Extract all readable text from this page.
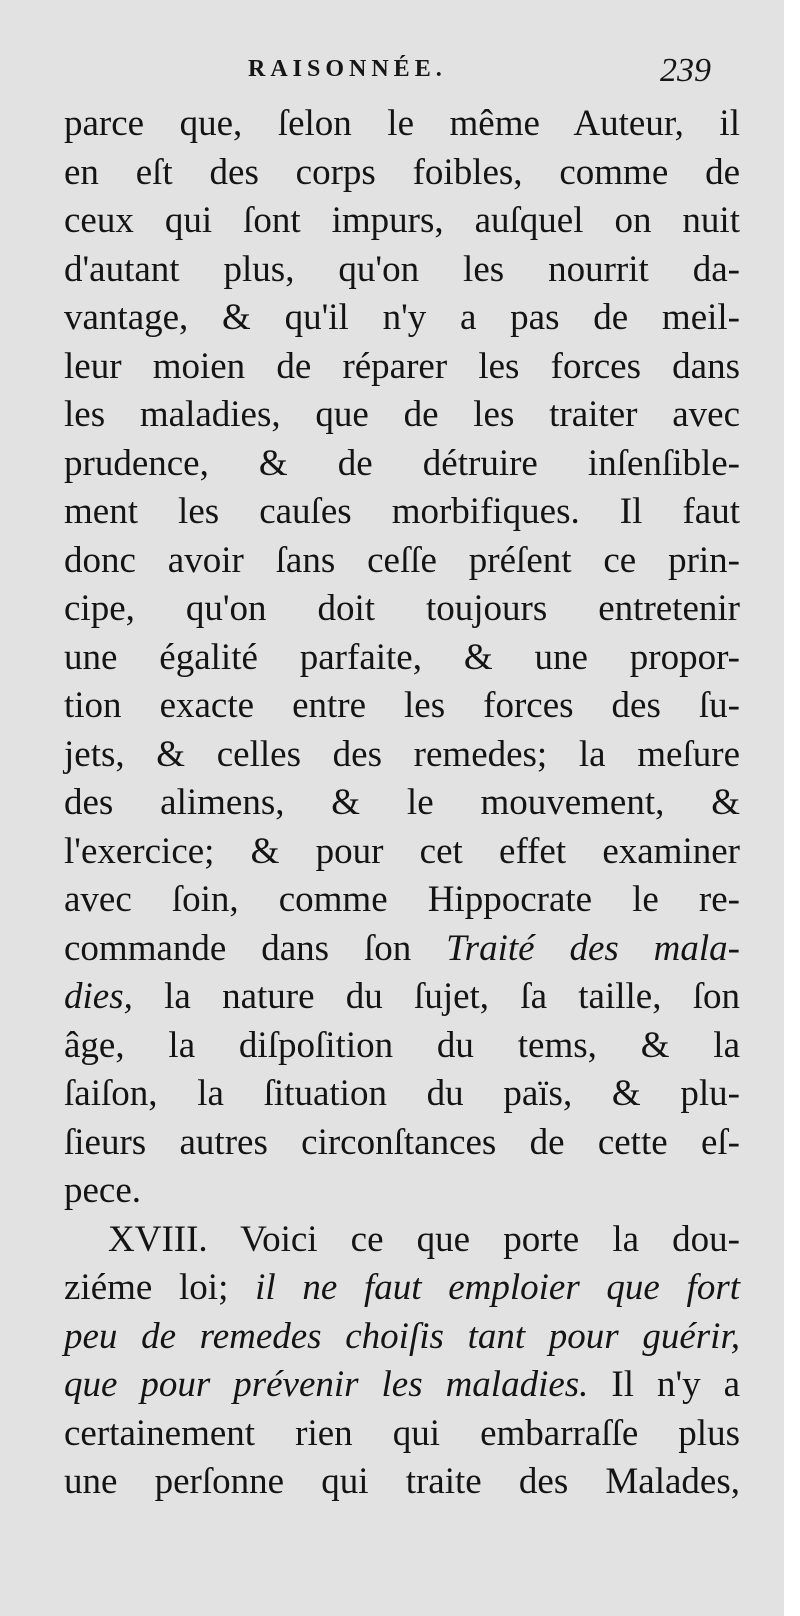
RAISONNÉE.	239
parce que, ſelon le même Auteur, il
en eſt des corps foibles, comme de
ceux qui ſont impurs, auſquel on nuit
d'autant plus, qu'on les nourrit da-
vantage, & qu'il n'y a pas de meil-
leur moien de réparer les forces dans
les maladies, que de les traiter avec
prudence, & de détruire inſenſible-
ment les cauſes morbifiques. Il faut
donc avoir ſans ceſſe préſent ce prin-
cipe, qu'on doit toujours entretenir
une égalité parfaite, & une propor-
tion exacte entre les forces des ſu-
jets, & celles des remedes; la meſure
des alimens, & le mouvement, &
l'exercice; & pour cet effet examiner
avec ſoin, comme Hippocrate le re-
commande dans ſon Traité des mala-
dies, la nature du ſujet, ſa taille, ſon
âge, la diſpoſition du tems, & la
ſaiſon, la ſituation du païs, & plu-
ſieurs autres circonſtances de cette eſ-
pece.
XVIII. Voici ce que porte la dou-
ziéme loi; il ne faut emploier que fort
peu de remedes choiſis tant pour guérir,
que pour prévenir les maladies. Il n'y a
certainement rien qui embarraſſe plus
une perſonne qui traite des Malades,
